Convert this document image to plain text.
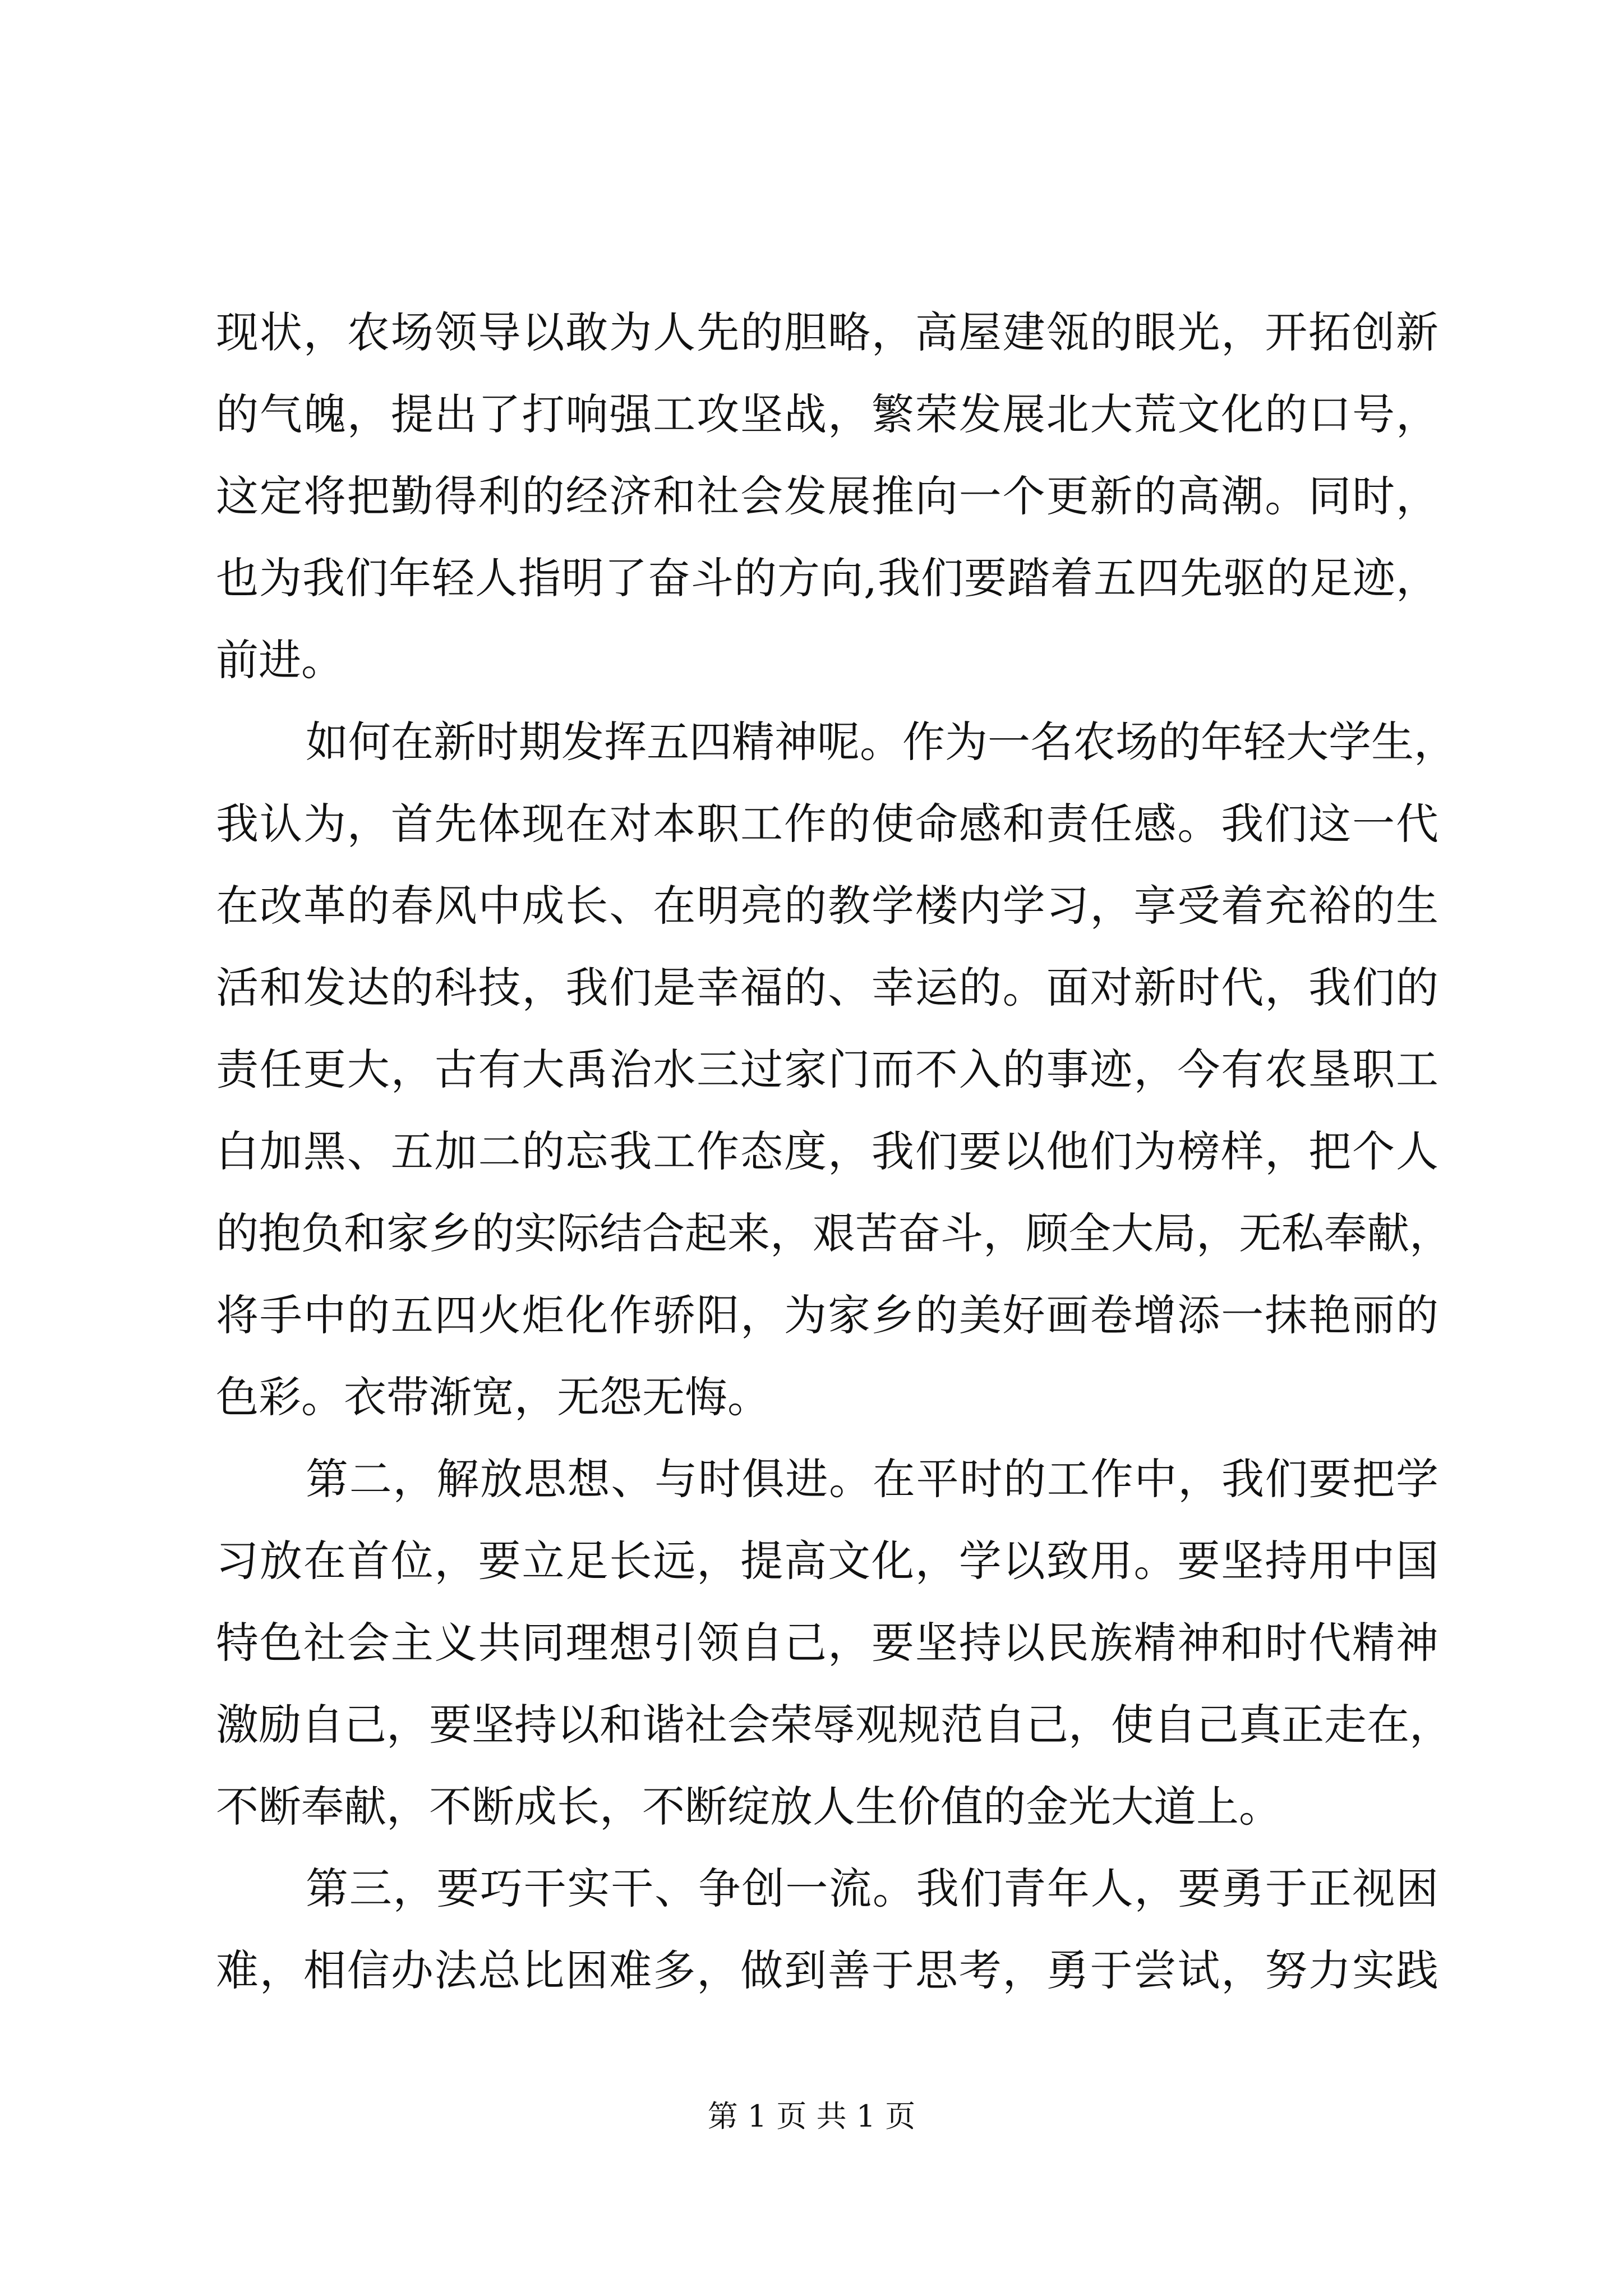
现状，农场领导以敢为人先的胆略，高屋建瓴的眼光，开拓创新
的气魄，提出了打响强工攻坚战，繁荣发展北大荒文化的口号，
这定将把勤得利的经济和社会发展推向一个更新的高潮。同时，
也为我们年轻人指明了奋斗的方向,我们要踏着五四先驱的足迹，
前进。
如何在新时期发挥五四精神呢。作为一名农场的年轻大学生，
我认为，首先体现在对本职工作的使命感和责任感。我们这一代
在改革的春风中成长、在明亮的教学楼内学习，享受着充裕的生
活和发达的科技，我们是幸福的、幸运的。面对新时代，我们的
责任更大，古有大禹治水三过家门而不入的事迹，今有农垦职工
白加黑、五加二的忘我工作态度，我们要以他们为榜样，把个人
的抱负和家乡的实际结合起来，艰苦奋斗，顾全大局，无私奉献，
将手中的五四火炬化作骄阳，为家乡的美好画卷增添一抹艳丽的
色彩。衣带渐宽，无怨无悔。
第二，解放思想、与时俱进。在平时的工作中，我们要把学
习放在首位，要立足长远，提高文化，学以致用。要坚持用中国
特色社会主义共同理想引领自己，要坚持以民族精神和时代精神
激励自己，要坚持以和谐社会荣辱观规范自己，使自己真正走在，
不断奉献，不断成长，不断绽放人生价值的金光大道上。
第三，要巧干实干、争创一流。我们青年人，要勇于正视困
难，相信办法总比困难多，做到善于思考，勇于尝试，努力实践
第 1 页 共 1 页
